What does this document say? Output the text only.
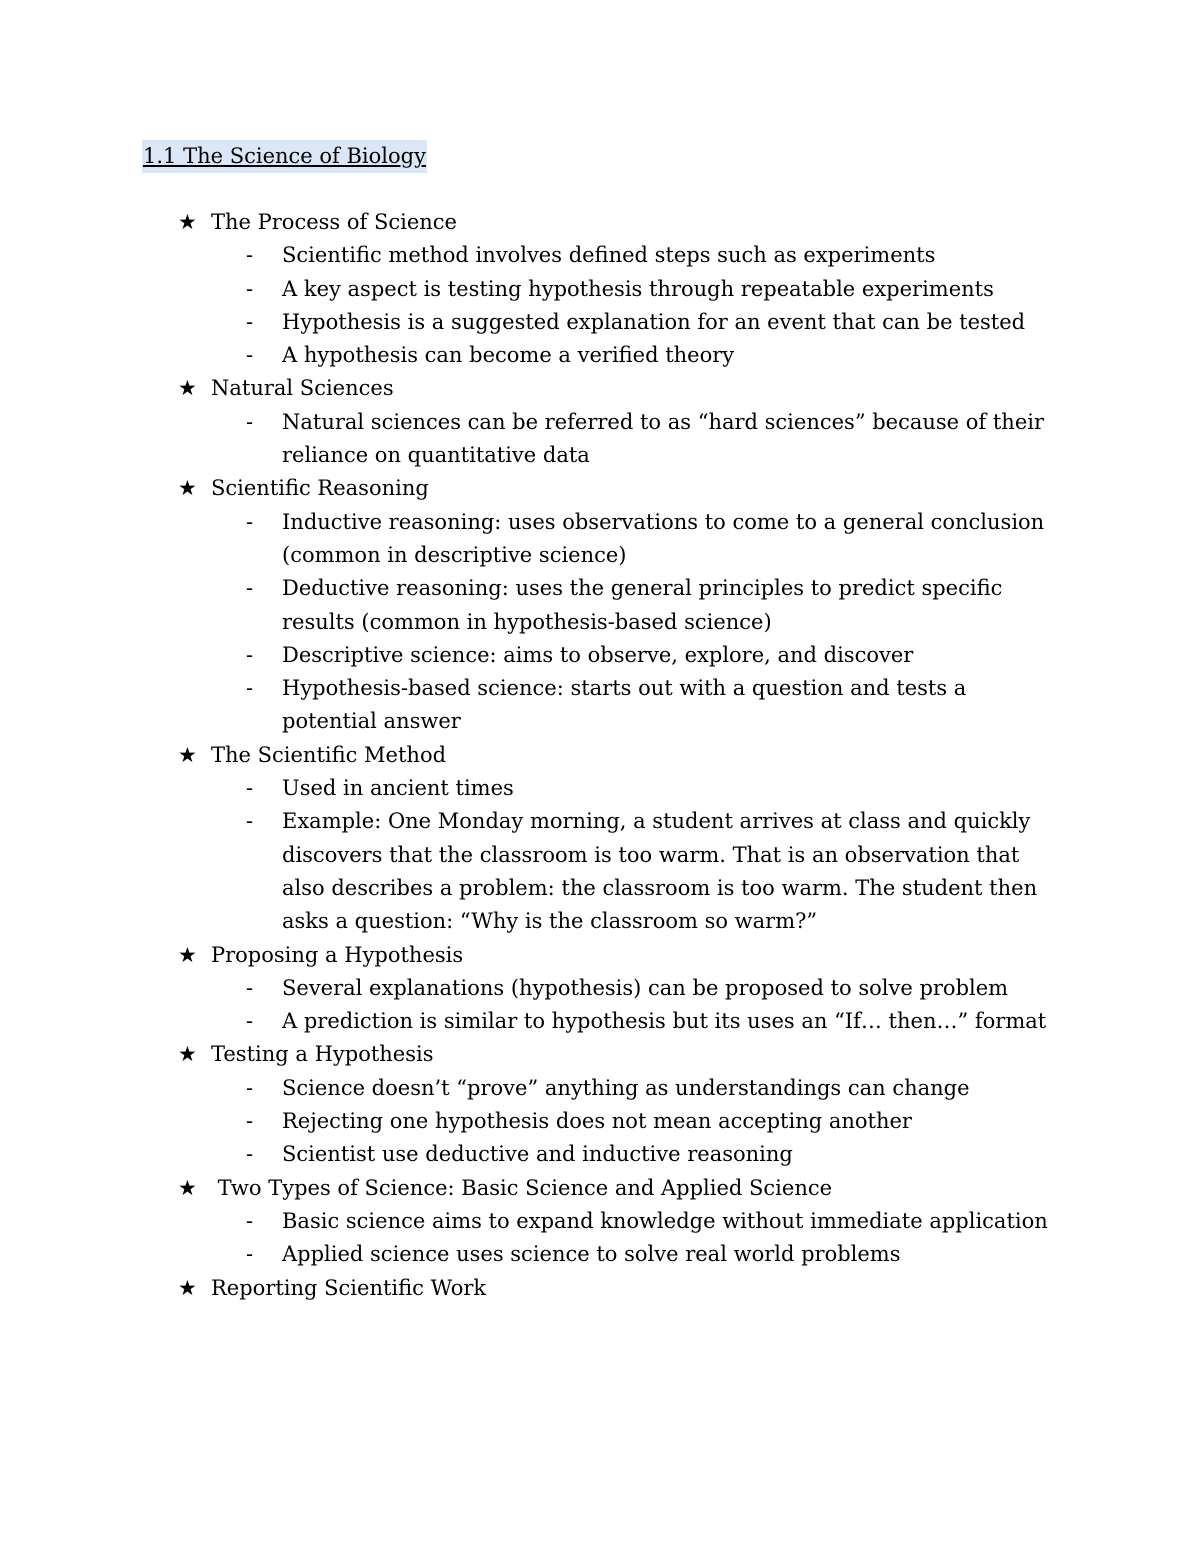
1.1 The Science of Biology
★ The Process of Science
-	Scientific method involves defined steps such as experiments
-	A key aspect is testing hypothesis through repeatable experiments
-	Hypothesis is a suggested explanation for an event that can be tested
-	A hypothesis can become a verified theory
★ Natural Sciences
-	Natural sciences can be referred to as “hard sciences” because of their reliance on quantitative data
★ Scientific Reasoning
-	Inductive reasoning: uses observations to come to a general conclusion (common in descriptive science)
-	Deductive reasoning: uses the general principles to predict specific results (common in hypothesis-based science)
-	Descriptive science: aims to observe, explore, and discover
-	Hypothesis-based science: starts out with a question and tests a potential answer
★ The Scientific Method
-	Used in ancient times
-	Example: One Monday morning, a student arrives at class and quickly discovers that the classroom is too warm. That is an observation that also describes a problem: the classroom is too warm. The student then asks a question: “Why is the classroom so warm?”
★ Proposing a Hypothesis
-	Several explanations (hypothesis) can be proposed to solve problem
-	A prediction is similar to hypothesis but its uses an “If… then…” format
★ Testing a Hypothesis
-	Science doesn’t “prove” anything as understandings can change
-	Rejecting one hypothesis does not mean accepting another
-	Scientist use deductive and inductive reasoning
★ Two Types of Science: Basic Science and Applied Science
-	Basic science aims to expand knowledge without immediate application
-	Applied science uses science to solve real world problems
★ Reporting Scientific Work
